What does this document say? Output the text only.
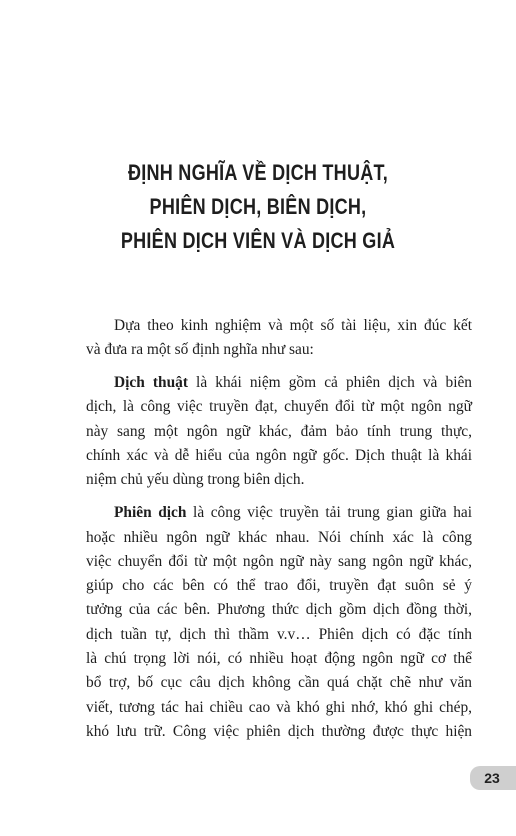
ĐỊNH NGHĨA VỀ DỊCH THUẬT,
PHIÊN DỊCH, BIÊN DỊCH,
PHIÊN DỊCH VIÊN VÀ DỊCH GIẢ
Dựa theo kinh nghiệm và một số tài liệu, xin đúc kết
và đưa ra một số định nghĩa như sau:
Dịch thuật là khái niệm gồm cả phiên dịch và biên
dịch, là công việc truyền đạt, chuyển đổi từ một ngôn ngữ
này sang một ngôn ngữ khác, đảm bảo tính trung thực,
chính xác và dễ hiểu của ngôn ngữ gốc. Dịch thuật là khái
niệm chủ yếu dùng trong biên dịch.
Phiên dịch là công việc truyền tải trung gian giữa hai
hoặc nhiều ngôn ngữ khác nhau. Nói chính xác là công
việc chuyển đổi từ một ngôn ngữ này sang ngôn ngữ khác,
giúp cho các bên có thể trao đổi, truyền đạt suôn sẻ ý
tưởng của các bên. Phương thức dịch gồm dịch đồng thời,
dịch tuần tự, dịch thì thầm v.v… Phiên dịch có đặc tính
là chú trọng lời nói, có nhiều hoạt động ngôn ngữ cơ thể
bổ trợ, bố cục câu dịch không cần quá chặt chẽ như văn
viết, tương tác hai chiều cao và khó ghi nhớ, khó ghi chép,
khó lưu trữ. Công việc phiên dịch thường được thực hiện
23
